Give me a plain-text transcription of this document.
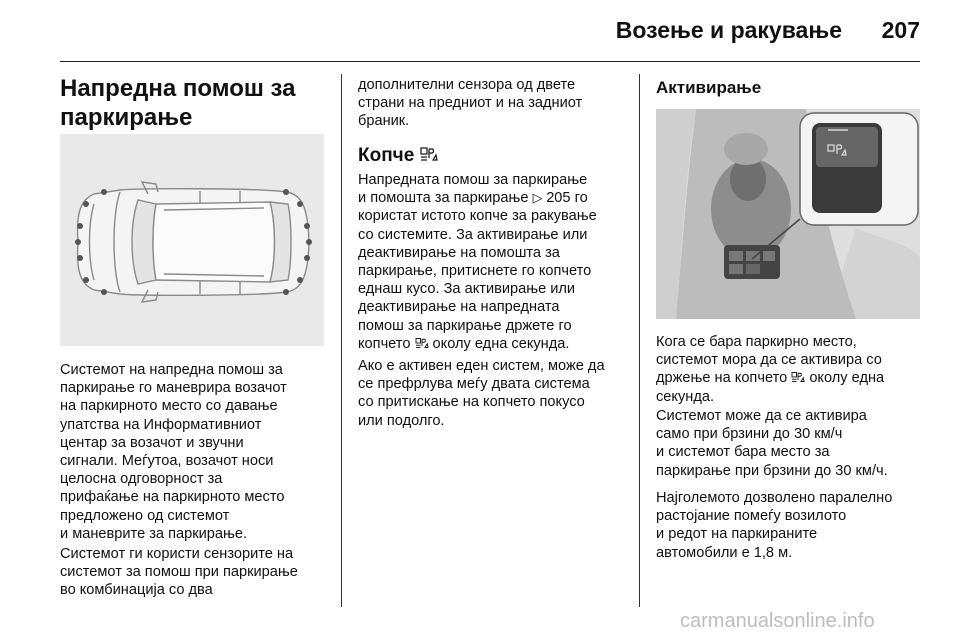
Возење и ракување 207
Напредна помош за паркирање

Системот на напредна помош за
паркирање го маневрира возачот
на паркирното место со давање
упатства на Информативниот
центар за возачот и звучни
сигнали. Меѓутоа, возачот носи
целосна одговорност за
прифаќање на паркирното место
предложено од системот
и маневрите за паркирање.

Системот ги користи сензорите на
системот за помош при паркирање
во комбинација со два

дополнителни сензора од двете
страни на предниот и на задниот
браник.

Копче

Напредната помош за паркирање
и помошта за паркирање ▷ 205 го
користат истото копче за ракување
со системите. За активирање или
деактивирање на помошта за
паркирање, притиснете го копчето
еднаш кусо. За активирање или
деактивирање на напредната
помош за паркирање држете го
копчето  околу една секунда.

Ако е активен еден систем, може да
се префрлува меѓу двата система
со притискање на копчето покусо
или подолго.

Активирање

Кога се бара паркирно место,
системот мора да се активира со
држење на копчето  околу една
секунда.

Системот може да се активира
само при брзини до 30 км/ч
и системот бара место за
паркирање при брзини до 30 км/ч.

Најголемото дозволено паралелно
растојание помеѓу возилото
и редот на паркираните
автомобили е 1,8 м.

carmanualsonline.info
